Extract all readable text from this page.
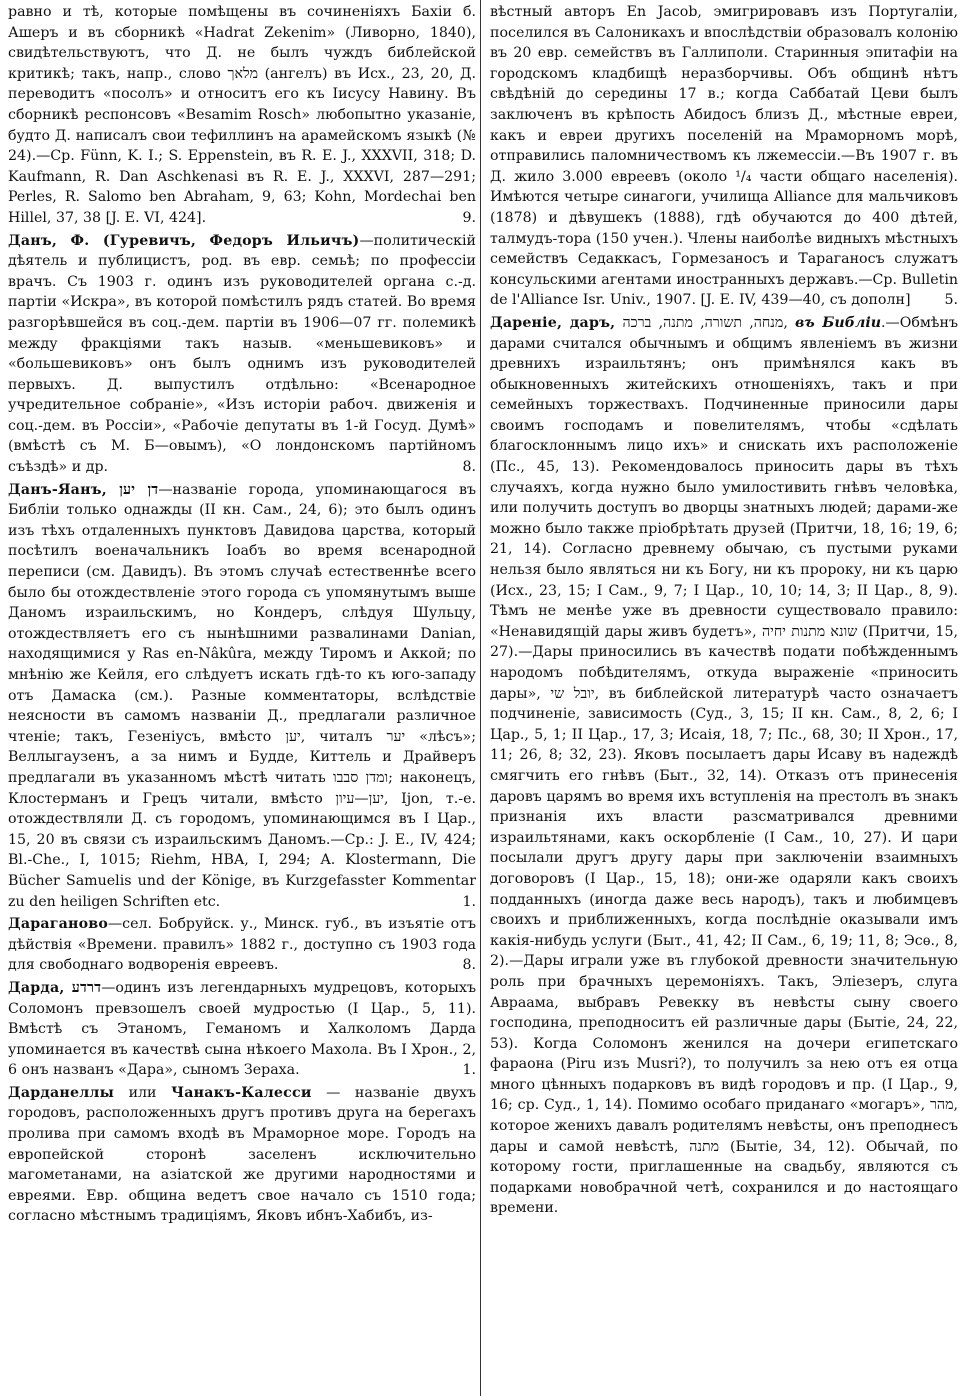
равно и тѣ, которые помѣщены въ сочиненіяхъ Бахіи б. Ашеръ и въ сборникѣ «Hadrat Zekenim» (Ливорно, 1840), свидѣтельствуютъ, что Д. не былъ чуждъ библейской критикѣ; такъ, напр., слово מלאך (ангелъ) въ Исх., 23, 20, Д. переводитъ «посолъ» и относитъ его къ Іисусу Навину. Въ сборникѣ респонсовъ «Besamim Rosch» любопытно указаніе, будто Д. написалъ свои тефиллинъ на арамейскомъ языкѣ (№ 24).—Ср. Fünn, K. I.; S. Eppenstein, въ R. E. J., XXXVII, 318; D. Kaufmann, R. Dan Aschkenasi въ R. E. J., XXXVI, 287—291; Perles, R. Salomo ben Abraham, 9, 63; Kohn, Mordechai ben Hillel, 37, 38 [J. E. VI, 424].	9.

Данъ, Ф. (Гуревичъ, Федоръ Ильичъ)—политическій дѣятель и публицистъ, род. въ евр. семьѣ; по профессіи врачъ. Съ 1903 г. одинъ изъ руководителей органа с.-д. партіи «Искра», въ которой помѣстилъ рядъ статей. Во время разгорѣвшейся въ соц.-дем. партіи въ 1906—07 гг. полемикѣ между фракціями такъ назыв. «меньшевиковъ» и «большевиковъ» онъ былъ однимъ изъ руководителей первыхъ. Д. выпустилъ отдѣльно: «Всенародное учредительное собраніе», «Изъ исторіи рабоч. движенія и соц.-дем. въ Россіи», «Рабочіе депутаты въ 1-й Госуд. Думѣ» (вмѣстѣ съ М. Б—овымъ), «О лондонскомъ партійномъ съѣздѣ» и др.	8.

Данъ-Яанъ, דן יען—названіе города, упоминающагося въ Библіи только однажды (II кн. Сам., 24, 6); это былъ одинъ изъ тѣхъ отдаленныхъ пунктовъ Давидова царства, который посѣтилъ военачальникъ Іоабъ во время всенародной переписи (см. Давидъ). Въ этомъ случаѣ естественнѣе всего было бы отождествленіе этого города съ упомянутымъ выше Даномъ израильскимъ, но Кондеръ, слѣдуя Шульцу, отождествляетъ его съ нынѣшними развалинами Danian, находящимися у Ras en-Nâkûra, между Тиромъ и Аккой; по мнѣнію же Кейля, его слѣдуетъ искать гдѣ-то къ юго-западу отъ Дамаска (см.). Разные комментаторы, вслѣдствіе неясности въ самомъ названіи Д., предлагали различное чтеніе; такъ, Гезеніусъ, вмѣсто יען, читалъ יער «лѣсъ»; Веллыгаузенъ, а за нимъ и Будде, Киттель и Драйверъ предлагали въ указанномъ мѣстѣ читать ומדן סבבו; наконецъ, Клостерманъ и Грецъ читали, вмѣсто יען—עיון, Ijon, т.-е. отождествляли Д. съ городомъ, упоминающимся въ I Цар., 15, 20 въ связи съ израильскимъ Даномъ.—Ср.: J. E., IV, 424; Bl.-Che., I, 1015; Riehm, HBA, I, 294; A. Klostermann, Die Bücher Samuelis und der Könige, въ Kurzgefasster Kommentar zu den heiligen Schriften etc.	1.

Дараганово—сел. Бобруйск. у., Минск. губ., въ изъятіе отъ дѣйствія «Времени. правилъ» 1882 г., доступно съ 1903 года для свободнаго водворенія евреевъ.	8.

Дарда, דרדע—одинъ изъ легендарныхъ мудрецовъ, которыхъ Соломонъ превзошелъ своей мудростью (I Цар., 5, 11). Вмѣстѣ съ Этаномъ, Геманомъ и Халколомъ Дарда упоминается въ качествѣ сына нѣкоего Махола. Въ I Хрон., 2, 6 онъ названъ «Дара», сыномъ Зераха.	1.

Дарданеллы или Чанакъ-Калесси — названіе двухъ городовъ, расположенныхъ другъ противъ друга на берегахъ пролива при самомъ входѣ въ Мраморное море. Городъ на европейской сторонѣ заселенъ исключительно магометанами, на азіатской же другими народностями и евреями. Евр. община ведетъ свое начало съ 1510 года; согласно мѣстнымъ традиціямъ, Яковъ ибнъ-Хабибъ, из-

вѣстный авторъ En Jacob, эмигрировавъ изъ Португаліи, поселился въ Салоникахъ и впослѣдствіи образовалъ колонію въ 20 евр. семействъ въ Галлиполи. Старинныя эпитафіи на городскомъ кладбищѣ неразборчивы. Объ общинѣ нѣтъ свѣдѣній до середины 17 в.; когда Саббатай Цеви былъ заключенъ въ крѣпость Абидосъ близъ Д., мѣстные евреи, какъ и евреи другихъ поселеній на Мраморномъ морѣ, отправились паломничествомъ къ лжемессіи.—Въ 1907 г. въ Д. жило 3.000 евреевъ (около ¹/₄ части общаго населенія). Имѣются четыре синагоги, училища Alliance для мальчиковъ (1878) и дѣвушекъ (1888), гдѣ обучаются до 400 дѣтей, талмудъ-тора (150 учен.). Члены наиболѣе видныхъ мѣстныхъ семействъ Седаккасъ, Гормезаносъ и Тараганосъ служатъ консульскими агентами иностранныхъ державъ.—Ср. Bulletin de l'Alliance Isr. Univ., 1907. [J. E. IV, 439—40, съ дополн]	5.

Дареніе, даръ, מנחה, תשורה, מתנה, ברכה, въ Библіи.—Обмѣнъ дарами считался обычнымъ и общимъ явленіемъ въ жизни древнихъ израильтянъ; онъ примѣнялся какъ въ обыкновенныхъ житейскихъ отношеніяхъ, такъ и при семейныхъ торжествахъ. Подчиненные приносили дары своимъ господамъ и повелителямъ, чтобы «сдѣлать благосклоннымъ лицо ихъ» и снискать ихъ расположеніе (Пс., 45, 13). Рекомендовалось приносить дары въ тѣхъ случаяхъ, когда нужно было умилостивить гнѣвъ человѣка, или получить доступъ во дворцы знатныхъ людей; дарами-же можно было также пріобрѣтать друзей (Притчи, 18, 16; 19, 6; 21, 14). Согласно древнему обычаю, съ пустыми руками нельзя было являться ни къ Богу, ни къ пророку, ни къ царю (Исх., 23, 15; I Сам., 9, 7; I Цар., 10, 10; 14, 3; II Цар., 8, 9). Тѣмъ не менѣе уже въ древности существовало правило: «Ненавидящій дары живъ будетъ», שונא מתנות יחיה (Притчи, 15, 27).—Дары приносились въ качествѣ подати побѣжденнымъ народомъ побѣдителямъ, откуда выраженіе «приносить дары», יובל שי, въ библейской литературѣ часто означаетъ подчиненіе, зависимость (Суд., 3, 15; II кн. Сам., 8, 2, 6; I Цар., 5, 1; II Цар., 17, 3; Исаія, 18, 7; Пс., 68, 30; II Хрон., 17, 11; 26, 8; 32, 23). Яковъ посылаетъ дары Исаву въ надеждѣ смягчить его гнѣвъ (Быт., 32, 14). Отказъ отъ принесенія даровъ царямъ во время ихъ вступленія на престолъ въ знакъ признанія ихъ власти разсматривался древними израильтянами, какъ оскорбленіе (I Сам., 10, 27). И цари посылали другъ другу дары при заключеніи взаимныхъ договоровъ (I Цар., 15, 18); они-же одаряли какъ своихъ подданныхъ (иногда даже весь народъ), такъ и любимцевъ своихъ и приближенныхъ, когда послѣдніе оказывали имъ какія-нибудь услуги (Быт., 41, 42; II Сам., 6, 19; 11, 8; Эсѳ., 8, 2).—Дары играли уже въ глубокой древности значительную роль при брачныхъ церемоніяхъ. Такъ, Эліезеръ, слуга Авраама, выбравъ Ревекку въ невѣсты сыну своего господина, преподноситъ ей различные дары (Бытіе, 24, 22, 53). Когда Соломонъ женился на дочери египетскаго фараона (Piru изъ Musri?), то получилъ за нею отъ ея отца много цѣнныхъ подарковъ въ видѣ городовъ и пр. (I Цар., 9, 16; ср. Суд., 1, 14). Помимо особаго приданаго «могаръ», מהר, которое женихъ давалъ родителямъ невѣсты, онъ преподнесъ дары и самой невѣстѣ, מתנה (Бытіе, 34, 12). Обычай, по которому гости, приглашенные на свадьбу, являются съ подарками новобрачной четѣ, сохранился и до настоящаго времени.
